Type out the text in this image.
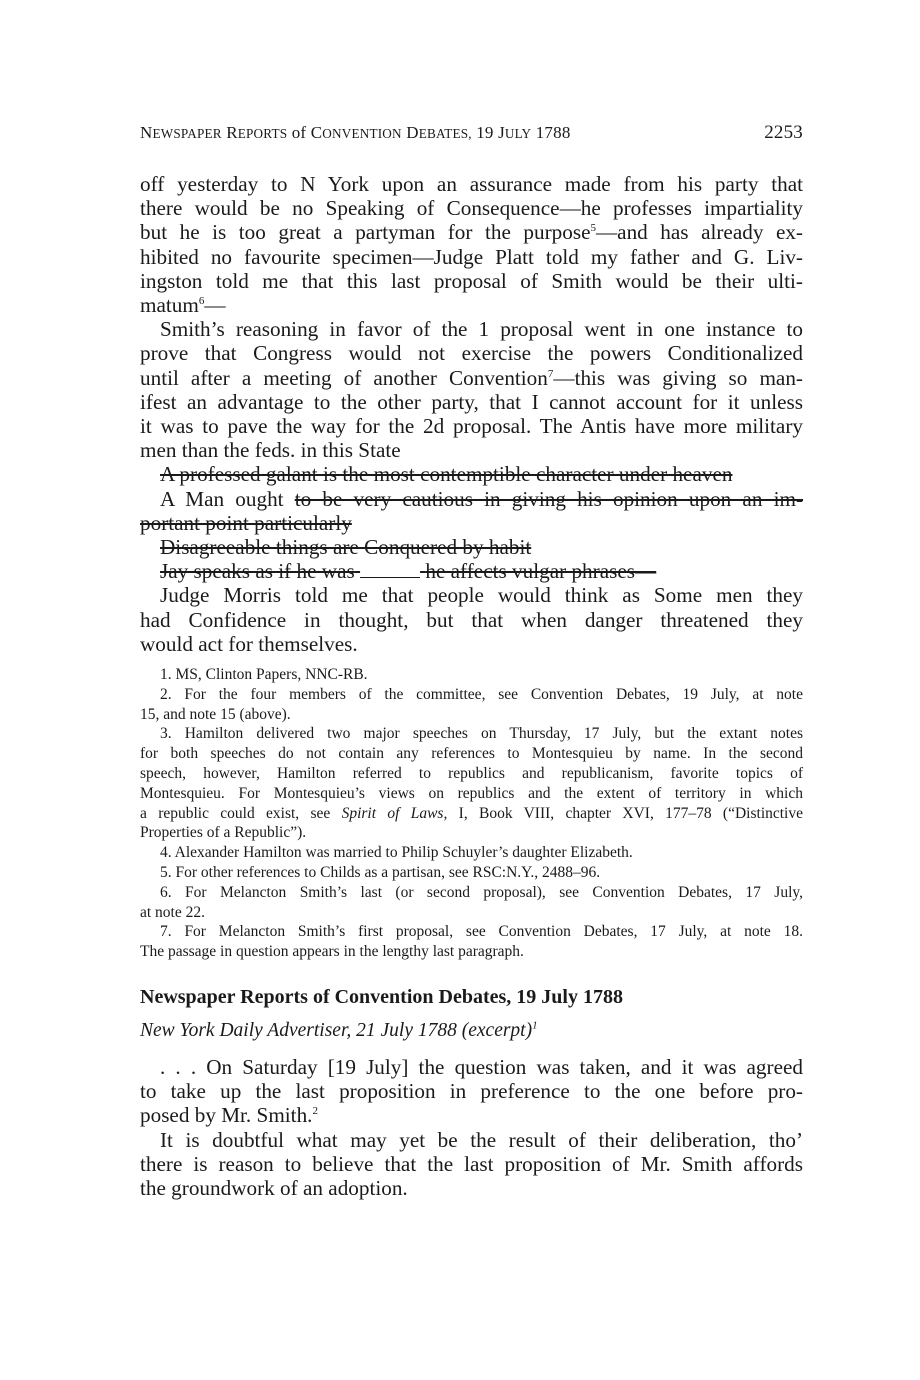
NEWSPAPER REPORTS of CONVENTION DEBATES, 19 JULY 1788	2253
off yesterday to N York upon an assurance made from his party that
there would be no Speaking of Consequence—he professes impartiality
but he is too great a partyman for the purpose$^5$—and has already ex-
hibited no favourite specimen—Judge Platt told my father and G. Liv-
ingston told me that this last proposal of Smith would be their ulti-
matum$^6$—
Smith’s reasoning in favor of the 1 proposal went in one instance to
prove that Congress would not exercise the powers Conditionalized
until after a meeting of another Convention$^7$—this was giving so man-
ifest an advantage to the other party, that I cannot account for it unless
it was to pave the way for the 2d proposal. The Antis have more military
men than the feds. in this State
A professed galant is the most contemptible character under heaven
A Man ought to be very cautious in giving his opinion upon an im-
portant point particularly
Disagreeable things are Conquered by habit
Jay speaks as if he was	he affects vulgar phrases—
Judge Morris told me that people would think as Some men they
had Confidence in thought, but that when danger threatened they
would act for themselves.
1. MS, Clinton Papers, NNC-RB.
2. For the four members of the committee, see Convention Debates, 19 July, at note
15, and note 15 (above).
3. Hamilton delivered two major speeches on Thursday, 17 July, but the extant notes
for both speeches do not contain any references to Montesquieu by name. In the second
speech, however, Hamilton referred to republics and republicanism, favorite topics of
Montesquieu. For Montesquieu’s views on republics and the extent of territory in which
a republic could exist, see Spirit of Laws, I, Book VIII, chapter XVI, 177–78 (“Distinctive
Properties of a Republic”).
4. Alexander Hamilton was married to Philip Schuyler’s daughter Elizabeth.
5. For other references to Childs as a partisan, see RSC:N.Y., 2488–96.
6. For Melancton Smith’s last (or second proposal), see Convention Debates, 17 July,
at note 22.
7. For Melancton Smith’s first proposal, see Convention Debates, 17 July, at note 18.
The passage in question appears in the lengthy last paragraph.
Newspaper Reports of Convention Debates, 19 July 1788
New York Daily Advertiser, 21 July 1788 (excerpt)$^1$
. . . On Saturday [19 July] the question was taken, and it was agreed
to take up the last proposition in preference to the one before pro-
posed by Mr. Smith.$^2$
It is doubtful what may yet be the result of their deliberation, tho’
there is reason to believe that the last proposition of Mr. Smith affords
the groundwork of an adoption.
